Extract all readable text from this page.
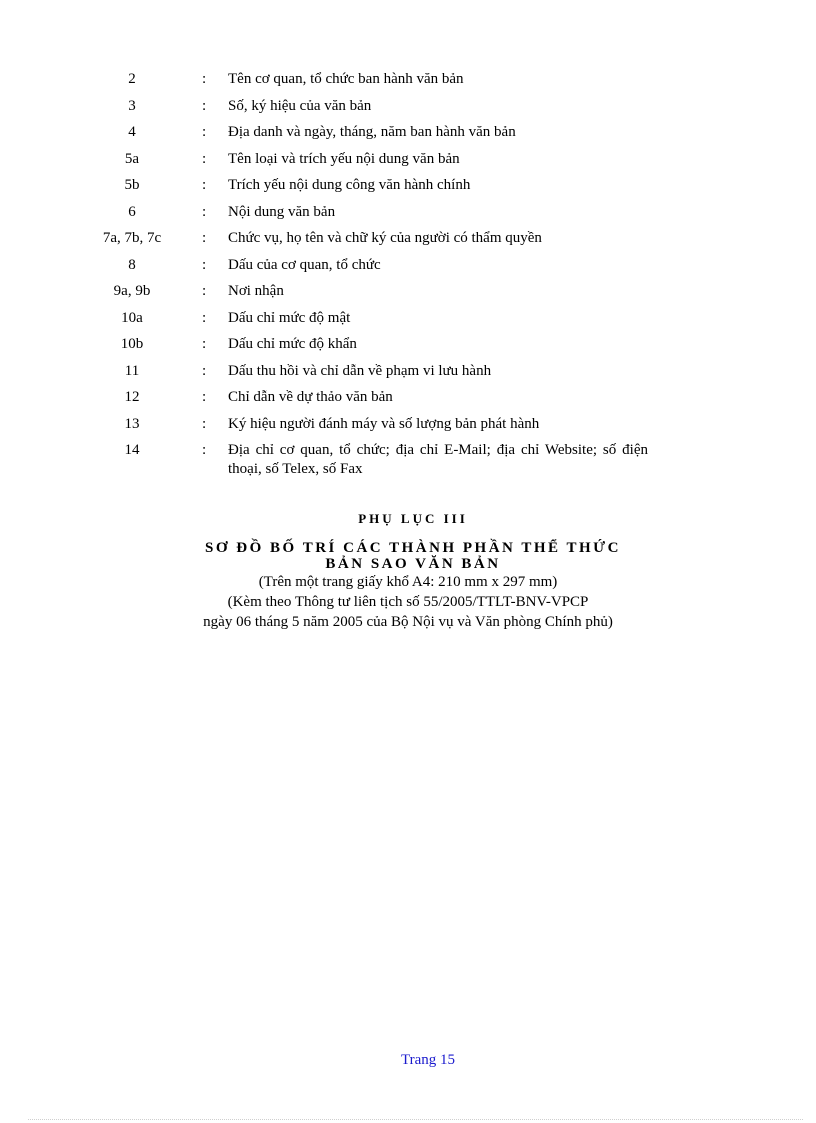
2	:	Tên cơ quan, tổ chức ban hành văn bản
3	:	Số, ký hiệu của văn bản
4	:	Địa danh và ngày, tháng, năm ban hành văn bản
5a	:	Tên loại và trích yếu nội dung văn bản
5b	:	Trích yếu nội dung công văn hành chính
6	:	Nội dung văn bản
7a, 7b, 7c	:	Chức vụ, họ tên và chữ ký của người có thẩm quyền
8	:	Dấu của cơ quan, tổ chức
9a, 9b	:	Nơi nhận
10a	:	Dấu chỉ mức độ mật
10b	:	Dấu chỉ mức độ khẩn
11	:	Dấu thu hồi và chỉ dẫn về phạm vi lưu hành
12	:	Chỉ dẫn về dự thảo văn bản
13	:	Ký hiệu người đánh máy và số lượng bản phát hành
14	:	Địa chỉ cơ quan, tổ chức; địa chỉ E-Mail; địa chỉ Website; số điện thoại, số Telex, số Fax
PHỤ LỤC III
SƠ ĐỒ BỐ TRÍ CÁC THÀNH PHẦN THỂ THỨC
BẢN SAO VĂN BẢN
(Trên một trang giấy khổ A4: 210 mm x 297 mm)
(Kèm theo Thông tư liên tịch số 55/2005/TTLT-BNV-VPCP
ngày 06 tháng 5 năm 2005 của Bộ Nội vụ và Văn phòng Chính phủ)
Trang 15
